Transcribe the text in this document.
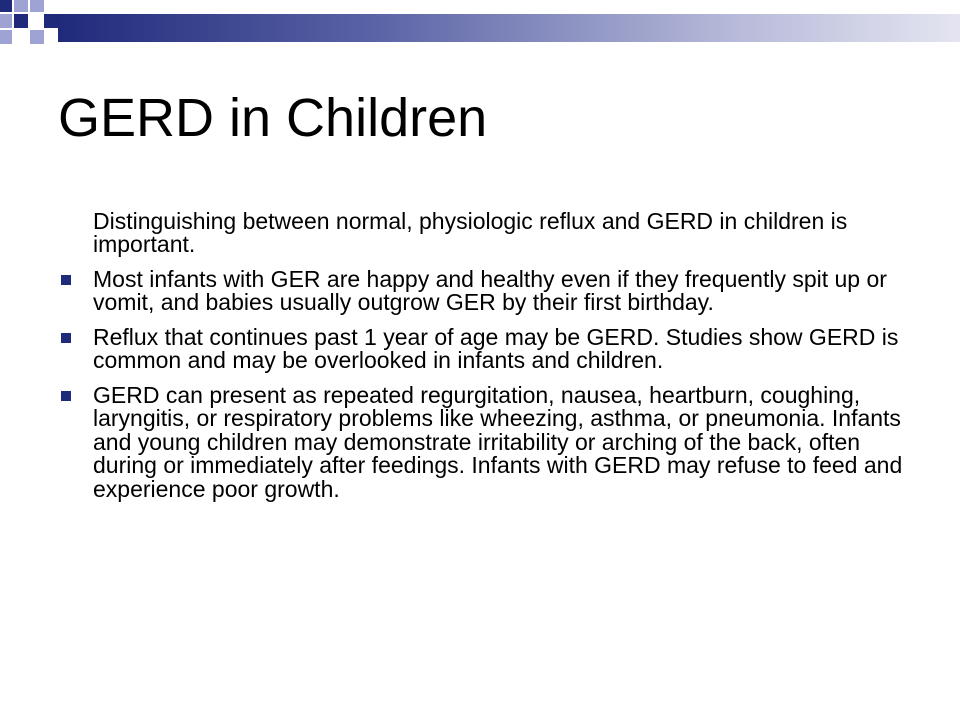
GERD in Children

Distinguishing between normal, physiologic reflux and GERD in children is important.

Most infants with GER are happy and healthy even if they frequently spit up or vomit, and babies usually outgrow GER by their first birthday.

Reflux that continues past 1 year of age may be GERD. Studies show GERD is common and may be overlooked in infants and children.

GERD can present as repeated regurgitation, nausea, heartburn, coughing, laryngitis, or respiratory problems like wheezing, asthma, or pneumonia. Infants and young children may demonstrate irritability or arching of the back, often during or immediately after feedings. Infants with GERD may refuse to feed and experience poor growth.
